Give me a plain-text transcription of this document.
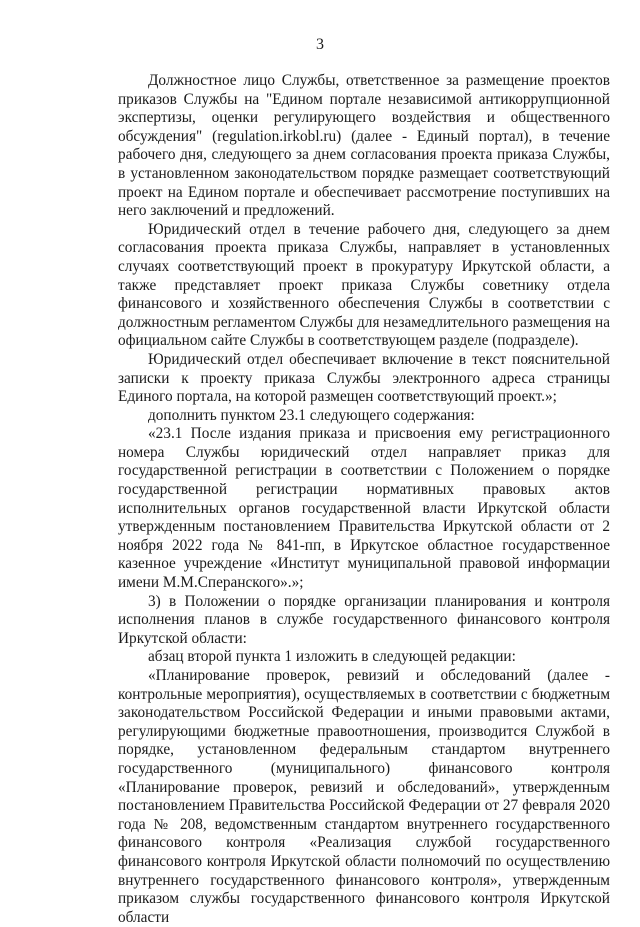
3

Должностное лицо Службы, ответственное за размещение проектов приказов Службы на "Едином портале независимой антикоррупционной экспертизы, оценки регулирующего воздействия и общественного обсуждения" (regulation.irkobl.ru) (далее - Единый портал), в течение рабочего дня, следующего за днем согласования проекта приказа Службы, в установленном законодательством порядке размещает соответствующий проект на Едином портале и обеспечивает рассмотрение поступивших на него заключений и предложений.

Юридический отдел в течение рабочего дня, следующего за днем согласования проекта приказа Службы, направляет в установленных случаях соответствующий проект в прокуратуру Иркутской области, а также представляет проект приказа Службы советнику отдела финансового и хозяйственного обеспечения Службы в соответствии с должностным регламентом Службы для незамедлительного размещения на официальном сайте Службы в соответствующем разделе (подразделе).

Юридический отдел обеспечивает включение в текст пояснительной записки к проекту приказа Службы электронного адреса страницы Единого портала, на которой размещен соответствующий проект.»;

дополнить пунктом 23.1 следующего содержания:

«23.1 После издания приказа и присвоения ему регистрационного номера Службы юридический отдел направляет приказ для государственной регистрации в соответствии с Положением о порядке государственной регистрации нормативных правовых актов исполнительных органов государственной власти Иркутской области утвержденным постановлением Правительства Иркутской области от 2 ноября 2022 года № 841-пп, в Иркутское областное государственное казенное учреждение «Институт муниципальной правовой информации имени М.М.Сперанского».»;

3) в Положении о порядке организации планирования и контроля исполнения планов в службе государственного финансового контроля Иркутской области:

абзац второй пункта 1 изложить в следующей редакции:

«Планирование проверок, ревизий и обследований (далее - контрольные мероприятия), осуществляемых в соответствии с бюджетным законодательством Российской Федерации и иными правовыми актами, регулирующими бюджетные правоотношения, производится Службой в порядке, установленном федеральным стандартом внутреннего государственного (муниципального) финансового контроля «Планирование проверок, ревизий и обследований», утвержденным постановлением Правительства Российской Федерации от 27 февраля 2020 года № 208, ведомственным стандартом внутреннего государственного финансового контроля «Реализация службой государственного финансового контроля Иркутской области полномочий по осуществлению внутреннего государственного финансового контроля», утвержденным приказом службы государственного финансового контроля Иркутской области
